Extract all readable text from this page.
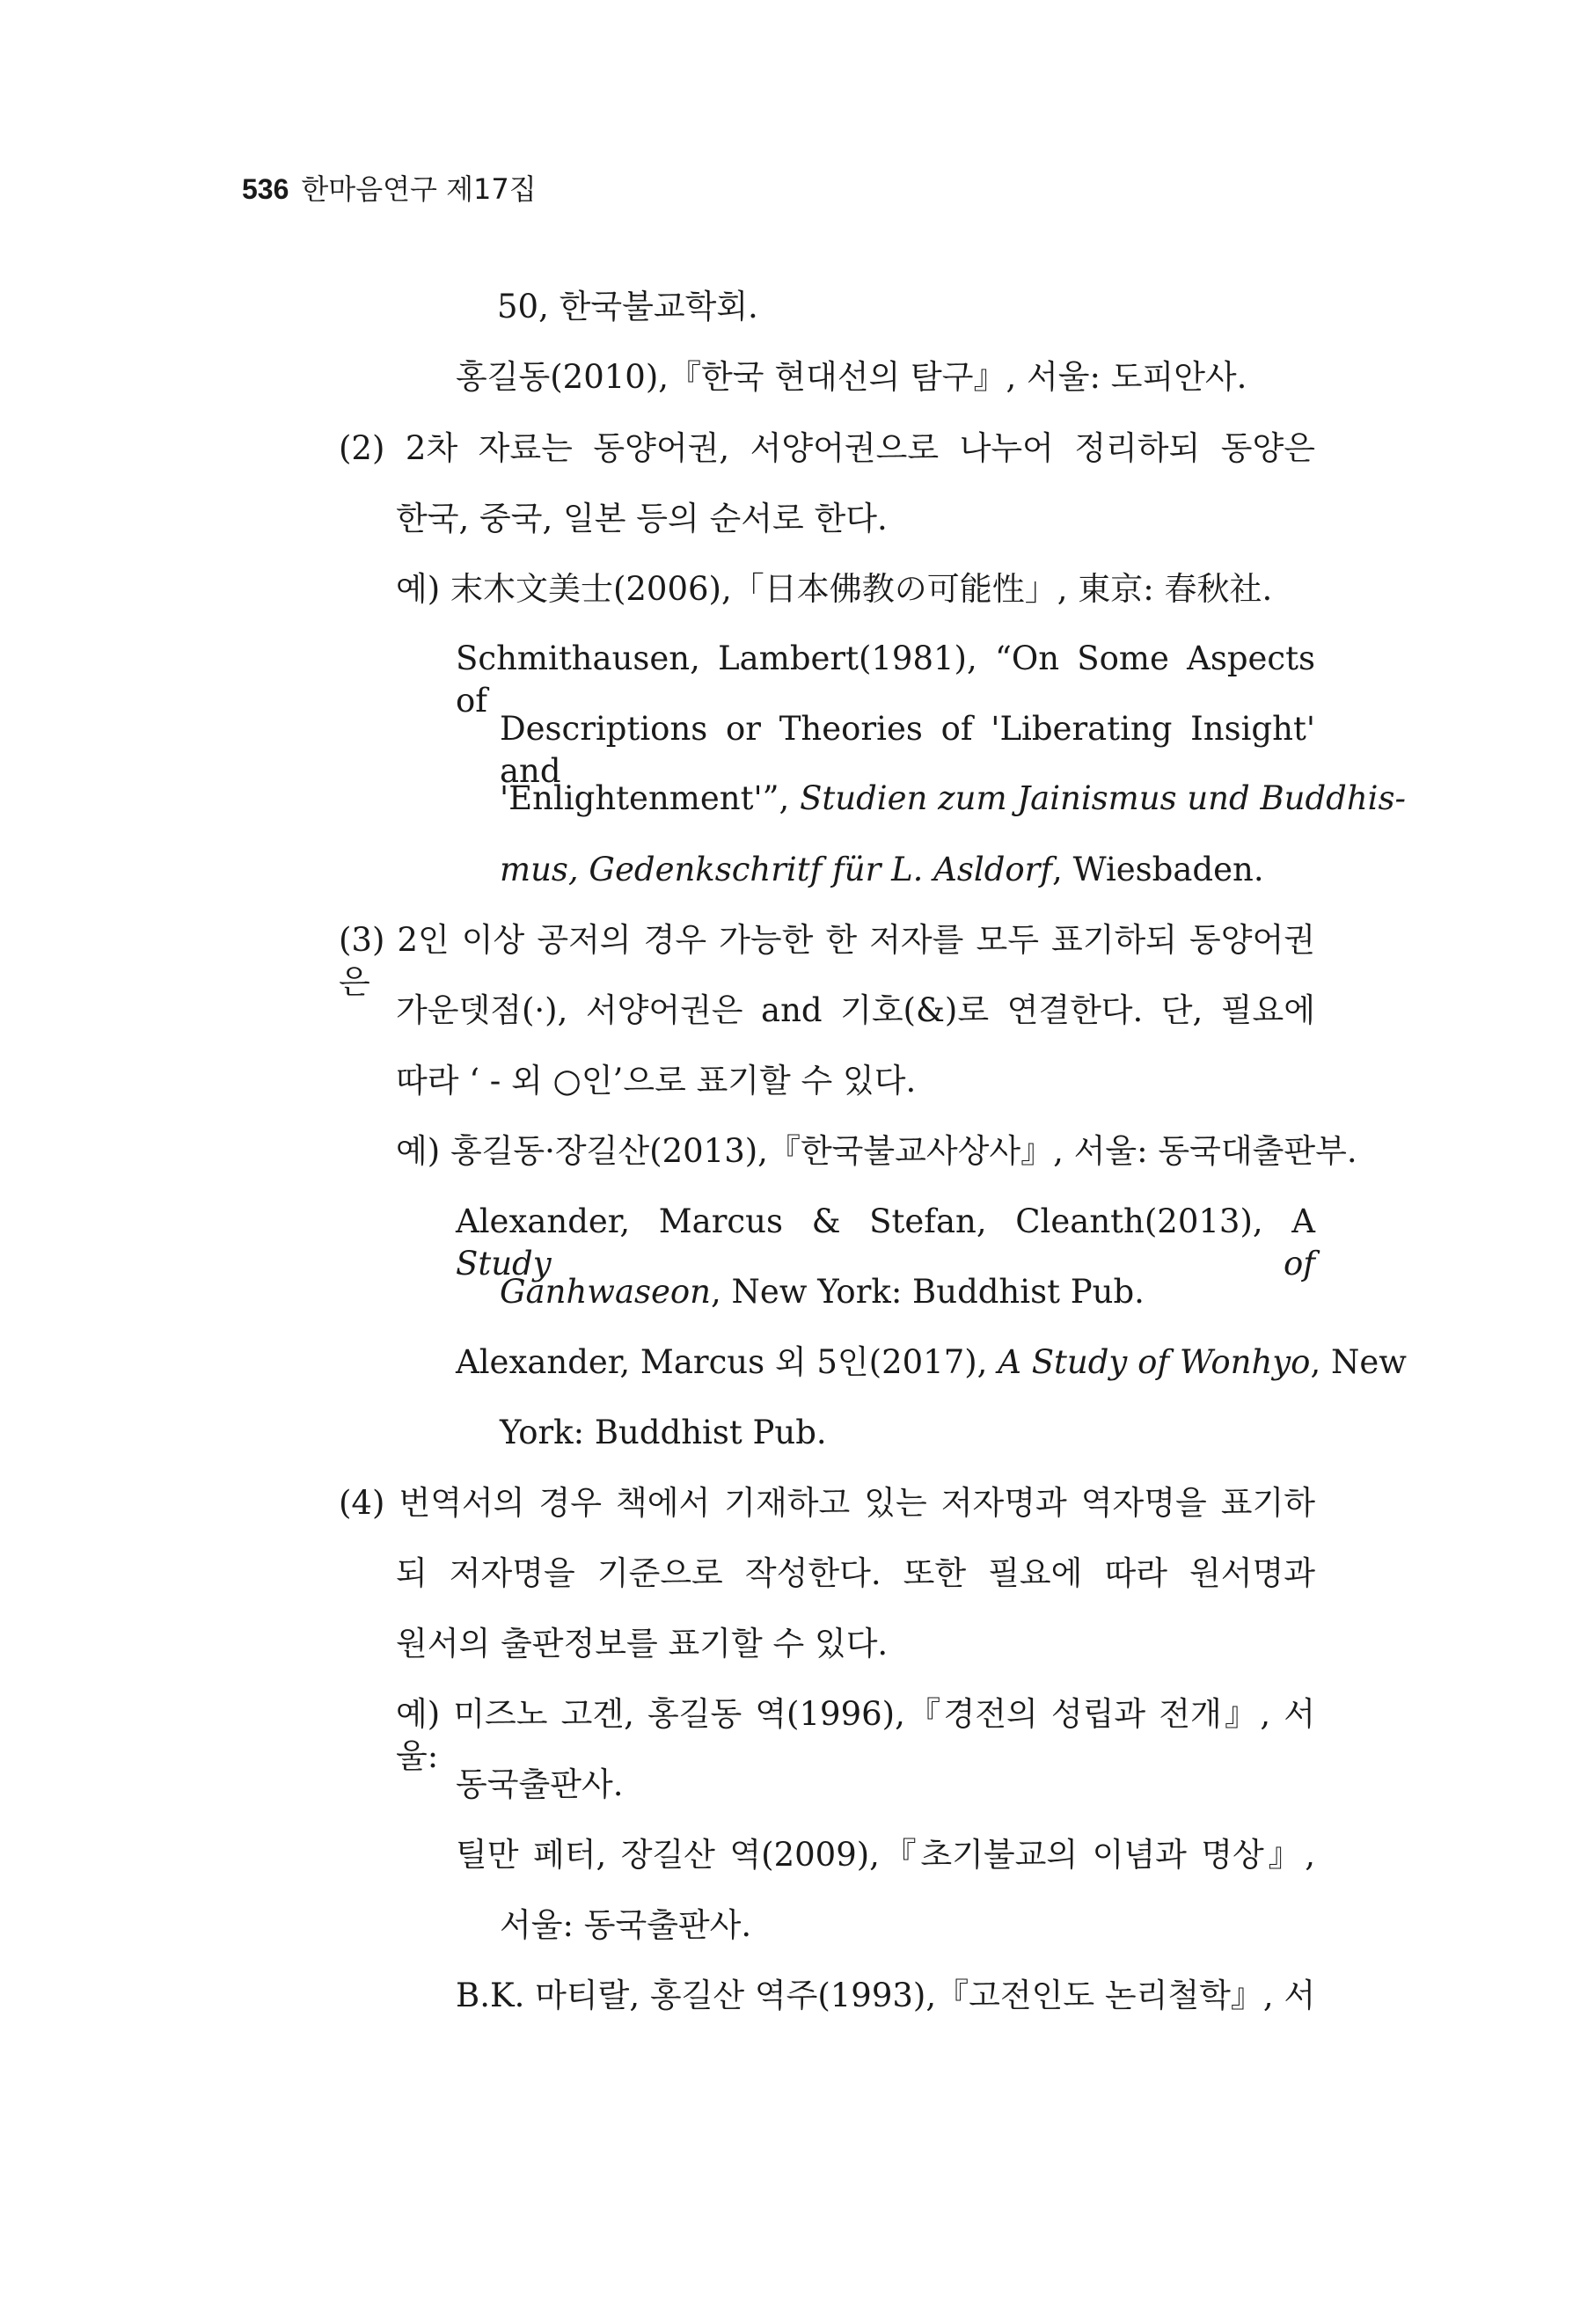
536 한마음연구 제17집
50, 한국불교학회.
홍길동(2010),『한국 현대선의 탐구』, 서울: 도피안사.
(2) 2차 자료는 동양어권, 서양어권으로 나누어 정리하되 동양은
한국, 중국, 일본 등의 순서로 한다.
예) 末木文美士(2006),「日本佛教の可能性」, 東京: 春秋社.
Schmithausen, Lambert(1981), “On Some Aspects of
Descriptions or Theories of 'Liberating Insight' and
'Enlightenment'”, Studien zum Jainismus und Buddhis-
mus, Gedenkschritf für L. Asldorf, Wiesbaden.
(3) 2인 이상 공저의 경우 가능한 한 저자를 모두 표기하되 동양어권은
가운뎃점(·), 서양어권은 and 기호(&)로 연결한다. 단, 필요에
따라 ‘ - 외 ○인’으로 표기할 수 있다.
예) 홍길동·장길산(2013),『한국불교사상사』, 서울: 동국대출판부.
Alexander, Marcus & Stefan, Cleanth(2013), A Study of
Ganhwaseon, New York: Buddhist Pub.
Alexander, Marcus 외 5인(2017), A Study of Wonhyo, New
York: Buddhist Pub.
(4) 번역서의 경우 책에서 기재하고 있는 저자명과 역자명을 표기하
되 저자명을 기준으로 작성한다. 또한 필요에 따라 원서명과
원서의 출판정보를 표기할 수 있다.
예) 미즈노 고겐, 홍길동 역(1996),『경전의 성립과 전개』, 서울:
동국출판사.
틸만 페터, 장길산 역(2009),『초기불교의 이념과 명상』,
서울: 동국출판사.
B.K. 마티랄, 홍길산 역주(1993),『고전인도 논리철학』, 서
